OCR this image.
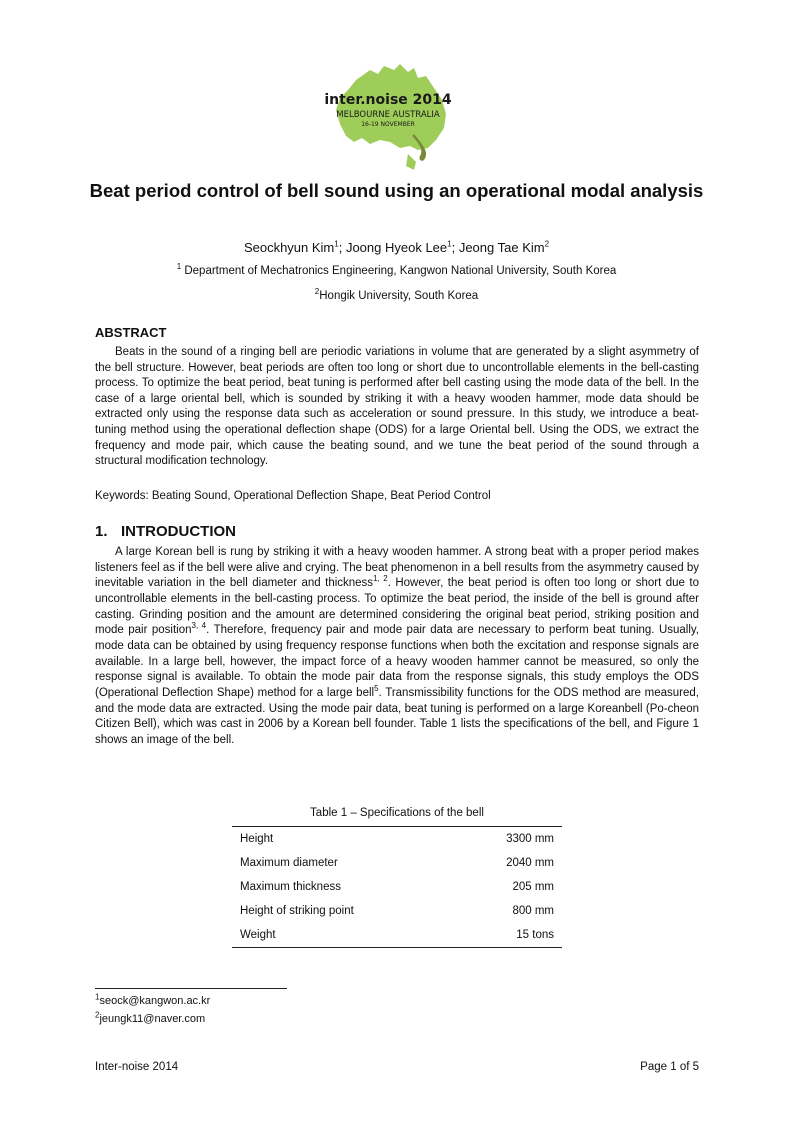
inter.noise 2014
MELBOURNE AUSTRALIA
16-19 NOVEMBER
Beat period control of bell sound using an operational modal analysis
Seockhyun Kim$^1$; Joong Hyeok Lee$^1$; Jeong Tae Kim$^2$
$^1$ Department of Mechatronics Engineering, Kangwon National University, South Korea
$^2$Hongik University, South Korea
ABSTRACT

Beats in the sound of a ringing bell are periodic variations in volume that are generated by a slight asymmetry of the bell structure. However, beat periods are often too long or short due to uncontrollable elements in the bell-casting process. To optimize the beat period, beat tuning is performed after bell casting using the mode data of the bell. In the case of a large oriental bell, which is sounded by striking it with a heavy wooden hammer, mode data should be extracted only using the response data such as acceleration or sound pressure. In this study, we introduce a beat-tuning method using the operational deflection shape (ODS) for a large Oriental bell. Using the ODS, we extract the frequency and mode pair, which cause the beating sound, and we tune the beat period of the sound through a structural modification technology.

Keywords: Beating Sound, Operational Deflection Shape, Beat Period Control

1. INTRODUCTION

A large Korean bell is rung by striking it with a heavy wooden hammer. A strong beat with a proper period makes listeners feel as if the bell were alive and crying. The beat phenomenon in a bell results from the asymmetry caused by inevitable variation in the bell diameter and thickness$^{1, 2}$. However, the beat period is often too long or short due to uncontrollable elements in the bell-casting process. To optimize the beat period, the inside of the bell is ground after casting. Grinding position and the amount are determined considering the original beat period, striking position and mode pair position$^{3, 4}$. Therefore, frequency pair and mode pair data are necessary to perform beat tuning. Usually, mode data can be obtained by using frequency response functions when both the excitation and response signals are available. In a large bell, however, the impact force of a heavy wooden hammer cannot be measured, so only the response signal is available. To obtain the mode pair data from the response signals, this study employs the ODS (Operational Deflection Shape) method for a large bell$^5$. Transmissibility functions for the ODS method are measured, and the mode data are extracted. Using the mode pair data, beat tuning is performed on a large Koreanbell (Po-cheon Citizen Bell), which was cast in 2006 by a Korean bell founder. Table 1 lists the specifications of the bell, and Figure 1 shows an image of the bell.

Table 1 – Specifications of the bell
Height	3300 mm
Maximum diameter	2040 mm
Maximum thickness	205 mm
Height of striking point	800 mm
Weight	15 tons
$^1$seock@kangwon.ac.kr
$^2$jeungk11@naver.com
Inter-noise 2014	Page 1 of 5
